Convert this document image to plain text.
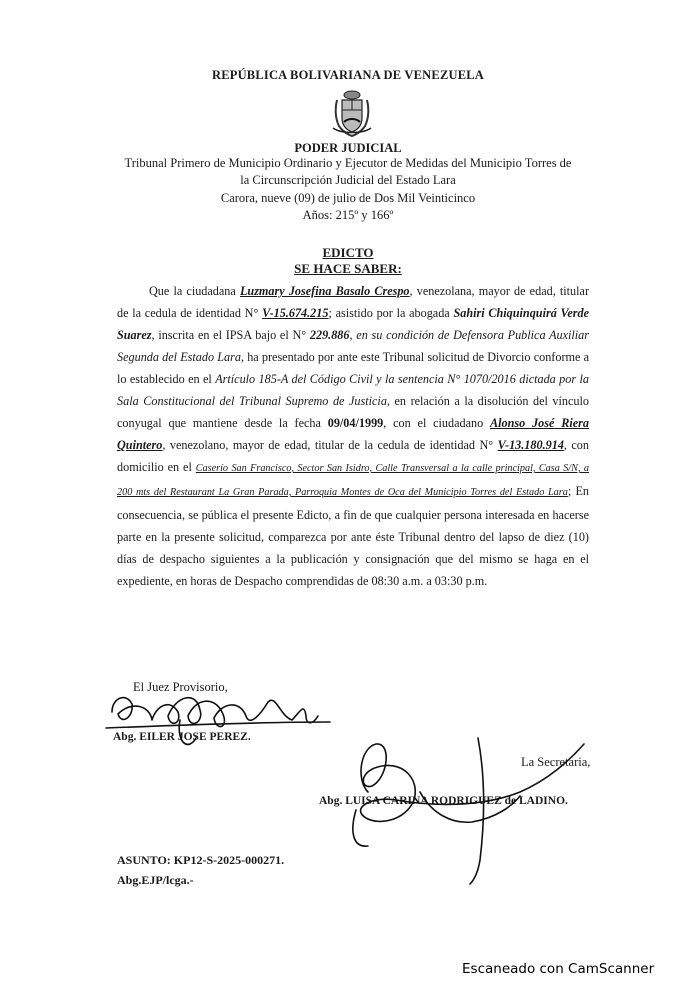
REPÚBLICA BOLIVARIANA DE VENEZUELA
PODER JUDICIAL
Tribunal Primero de Municipio Ordinario y Ejecutor de Medidas del Municipio Torres de
la Circunscripción Judicial del Estado Lara
Carora, nueve (09) de julio de Dos Mil Veinticinco
Años: 215º y 166º
EDICTO
SE HACE SABER:

Que la ciudadana Luzmary Josefina Basalo Crespo, venezolana, mayor de edad, titular de la cedula de identidad N° V-15.674.215; asistido por la abogada Sahiri Chiquinquirá Verde Suarez, inscrita en el IPSA bajo el N° 229.886, en su condición de Defensora Publica Auxiliar Segunda del Estado Lara, ha presentado por ante este Tribunal solicitud de Divorcio conforme a lo establecido en el Artículo 185-A del Código Civil y la sentencia N° 1070/2016 dictada por la Sala Constitucional del Tribunal Supremo de Justicia, en relación a la disolución del vínculo conyugal que mantiene desde la fecha 09/04/1999, con el ciudadano Alonso José Riera Quintero, venezolano, mayor de edad, titular de la cedula de identidad N° V-13.180.914, con domicilio en el Caserío San Francisco, Sector San Isidro, Calle Transversal a la calle principal, Casa S/N, a 200 mts del Restaurant La Gran Parada, Parroquia Montes de Oca del Municipio Torres del Estado Lara; En consecuencia, se pública el presente Edicto, a fin de que cualquier persona interesada en hacerse parte en la presente solicitud, comparezca por ante éste Tribunal dentro del lapso de diez (10) días de despacho siguientes a la publicación y consignación que del mismo se haga en el expediente, en horas de Despacho comprendidas de 08:30 a.m. a 03:30 p.m.

El Juez Provisorio,
Abg. EILER JOSE PEREZ.
La Secretaria,
Abg. LUISA CARINA RODRIGUEZ de LADINO.
ASUNTO: KP12-S-2025-000271.
Abg.EJP/lcga.-
Escaneado con CamScanner
